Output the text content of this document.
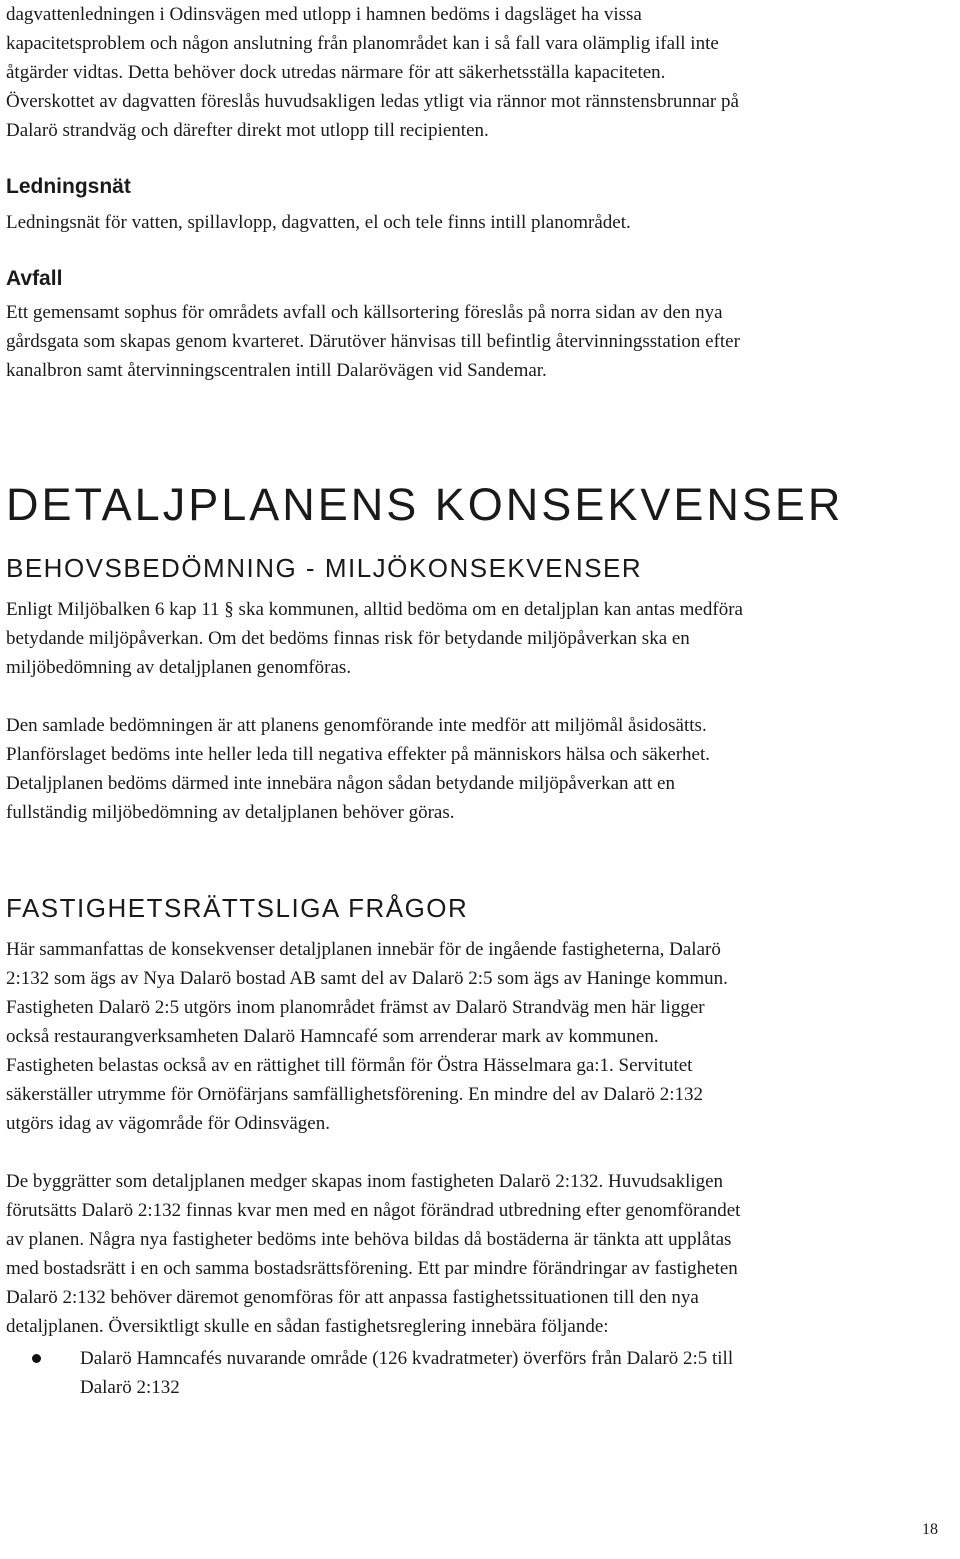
dagvattenledningen i Odinsvägen med utlopp i hamnen bedöms i dagsläget ha vissa

kapacitetsproblem och någon anslutning från planområdet kan i så fall vara olämplig ifall inte

åtgärder vidtas. Detta behöver dock utredas närmare för att säkerhetsställa kapaciteten.

Överskottet av dagvatten föreslås huvudsakligen ledas ytligt via rännor mot rännstensbrunnar på

Dalarö strandväg och därefter direkt mot utlopp till recipienten.

Ledningsnät

Ledningsnät för vatten, spillavlopp, dagvatten, el och tele finns intill planområdet.

Avfall

Ett gemensamt sophus för områdets avfall och källsortering föreslås på norra sidan av den nya

gårdsgata som skapas genom kvarteret. Därutöver hänvisas till befintlig återvinningsstation efter

kanalbron samt återvinningscentralen intill Dalarövägen vid Sandemar.

DETALJPLANENS KONSEKVENSER
BEHOVSBEDÖMNING - MILJÖKONSEKVENSER

Enligt Miljöbalken 6 kap 11 § ska kommunen, alltid bedöma om en detaljplan kan antas medföra

betydande miljöpåverkan. Om det bedöms finnas risk för betydande miljöpåverkan ska en

miljöbedömning av detaljplanen genomföras.

Den samlade bedömningen är att planens genomförande inte medför att miljömål åsidosätts.

Planförslaget bedöms inte heller leda till negativa effekter på människors hälsa och säkerhet.

Detaljplanen bedöms därmed inte innebära någon sådan betydande miljöpåverkan att en

fullständig miljöbedömning av detaljplanen behöver göras.

FASTIGHETSRÄTTSLIGA FRÅGOR

Här sammanfattas de konsekvenser detaljplanen innebär för de ingående fastigheterna, Dalarö

2:132 som ägs av Nya Dalarö bostad AB samt del av Dalarö 2:5 som ägs av Haninge kommun.

Fastigheten Dalarö 2:5 utgörs inom planområdet främst av Dalarö Strandväg men här ligger

också restaurangverksamheten Dalarö Hamncafé som arrenderar mark av kommunen.

Fastigheten belastas också av en rättighet till förmån för Östra Hässelmara ga:1. Servitutet

säkerställer utrymme för Ornöfärjans samfällighetsförening. En mindre del av Dalarö 2:132

utgörs idag av vägområde för Odinsvägen.

De byggrätter som detaljplanen medger skapas inom fastigheten Dalarö 2:132. Huvudsakligen

förutsätts Dalarö 2:132 finnas kvar men med en något förändrad utbredning efter genomförandet

av planen. Några nya fastigheter bedöms inte behöva bildas då bostäderna är tänkta att upplåtas

med bostadsrätt i en och samma bostadsrättsförening. Ett par mindre förändringar av fastigheten

Dalarö 2:132 behöver däremot genomföras för att anpassa fastighetssituationen till den nya

detaljplanen. Översiktligt skulle en sådan fastighetsreglering innebära följande:

Dalarö Hamncafés nuvarande område (126 kvadratmeter) överförs från Dalarö 2:5 till

Dalarö 2:132

18
